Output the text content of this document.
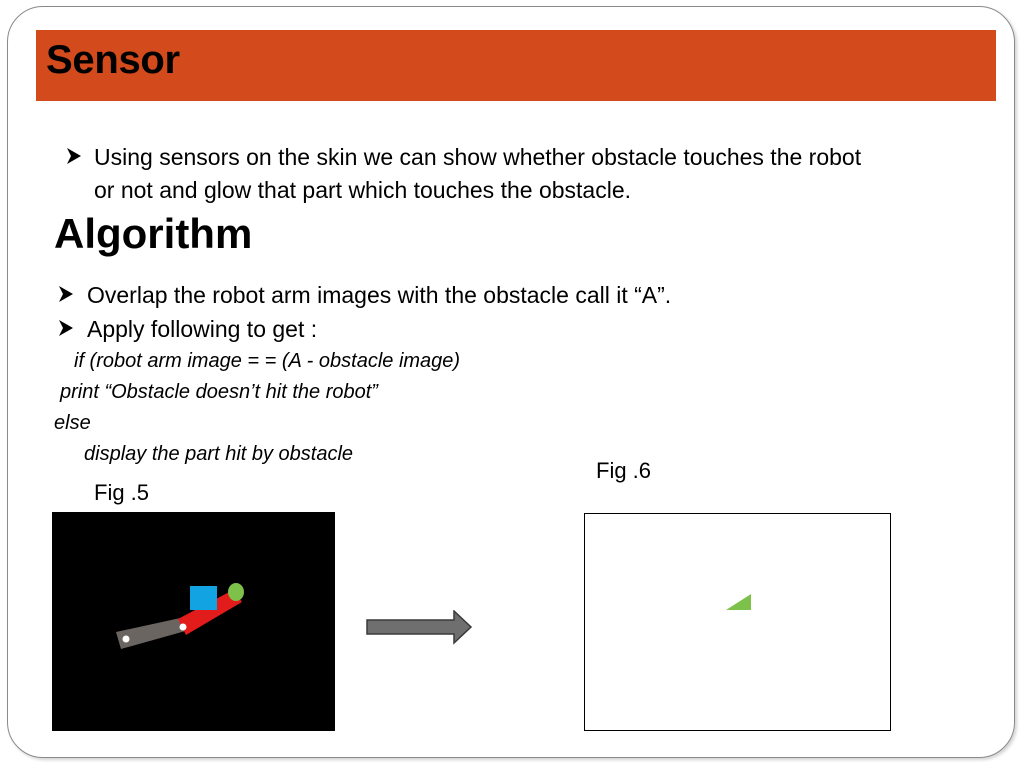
Sensor
Using sensors on the skin we can show whether obstacle touches the robot
or not and glow that part which touches the obstacle.
Algorithm
Overlap the robot arm images with the obstacle call it “A”.
Apply following to get :
if (robot arm image = = (A - obstacle image)
print “Obstacle doesn’t hit the robot”
else
display the part hit by obstacle
Fig .5
Fig .6
